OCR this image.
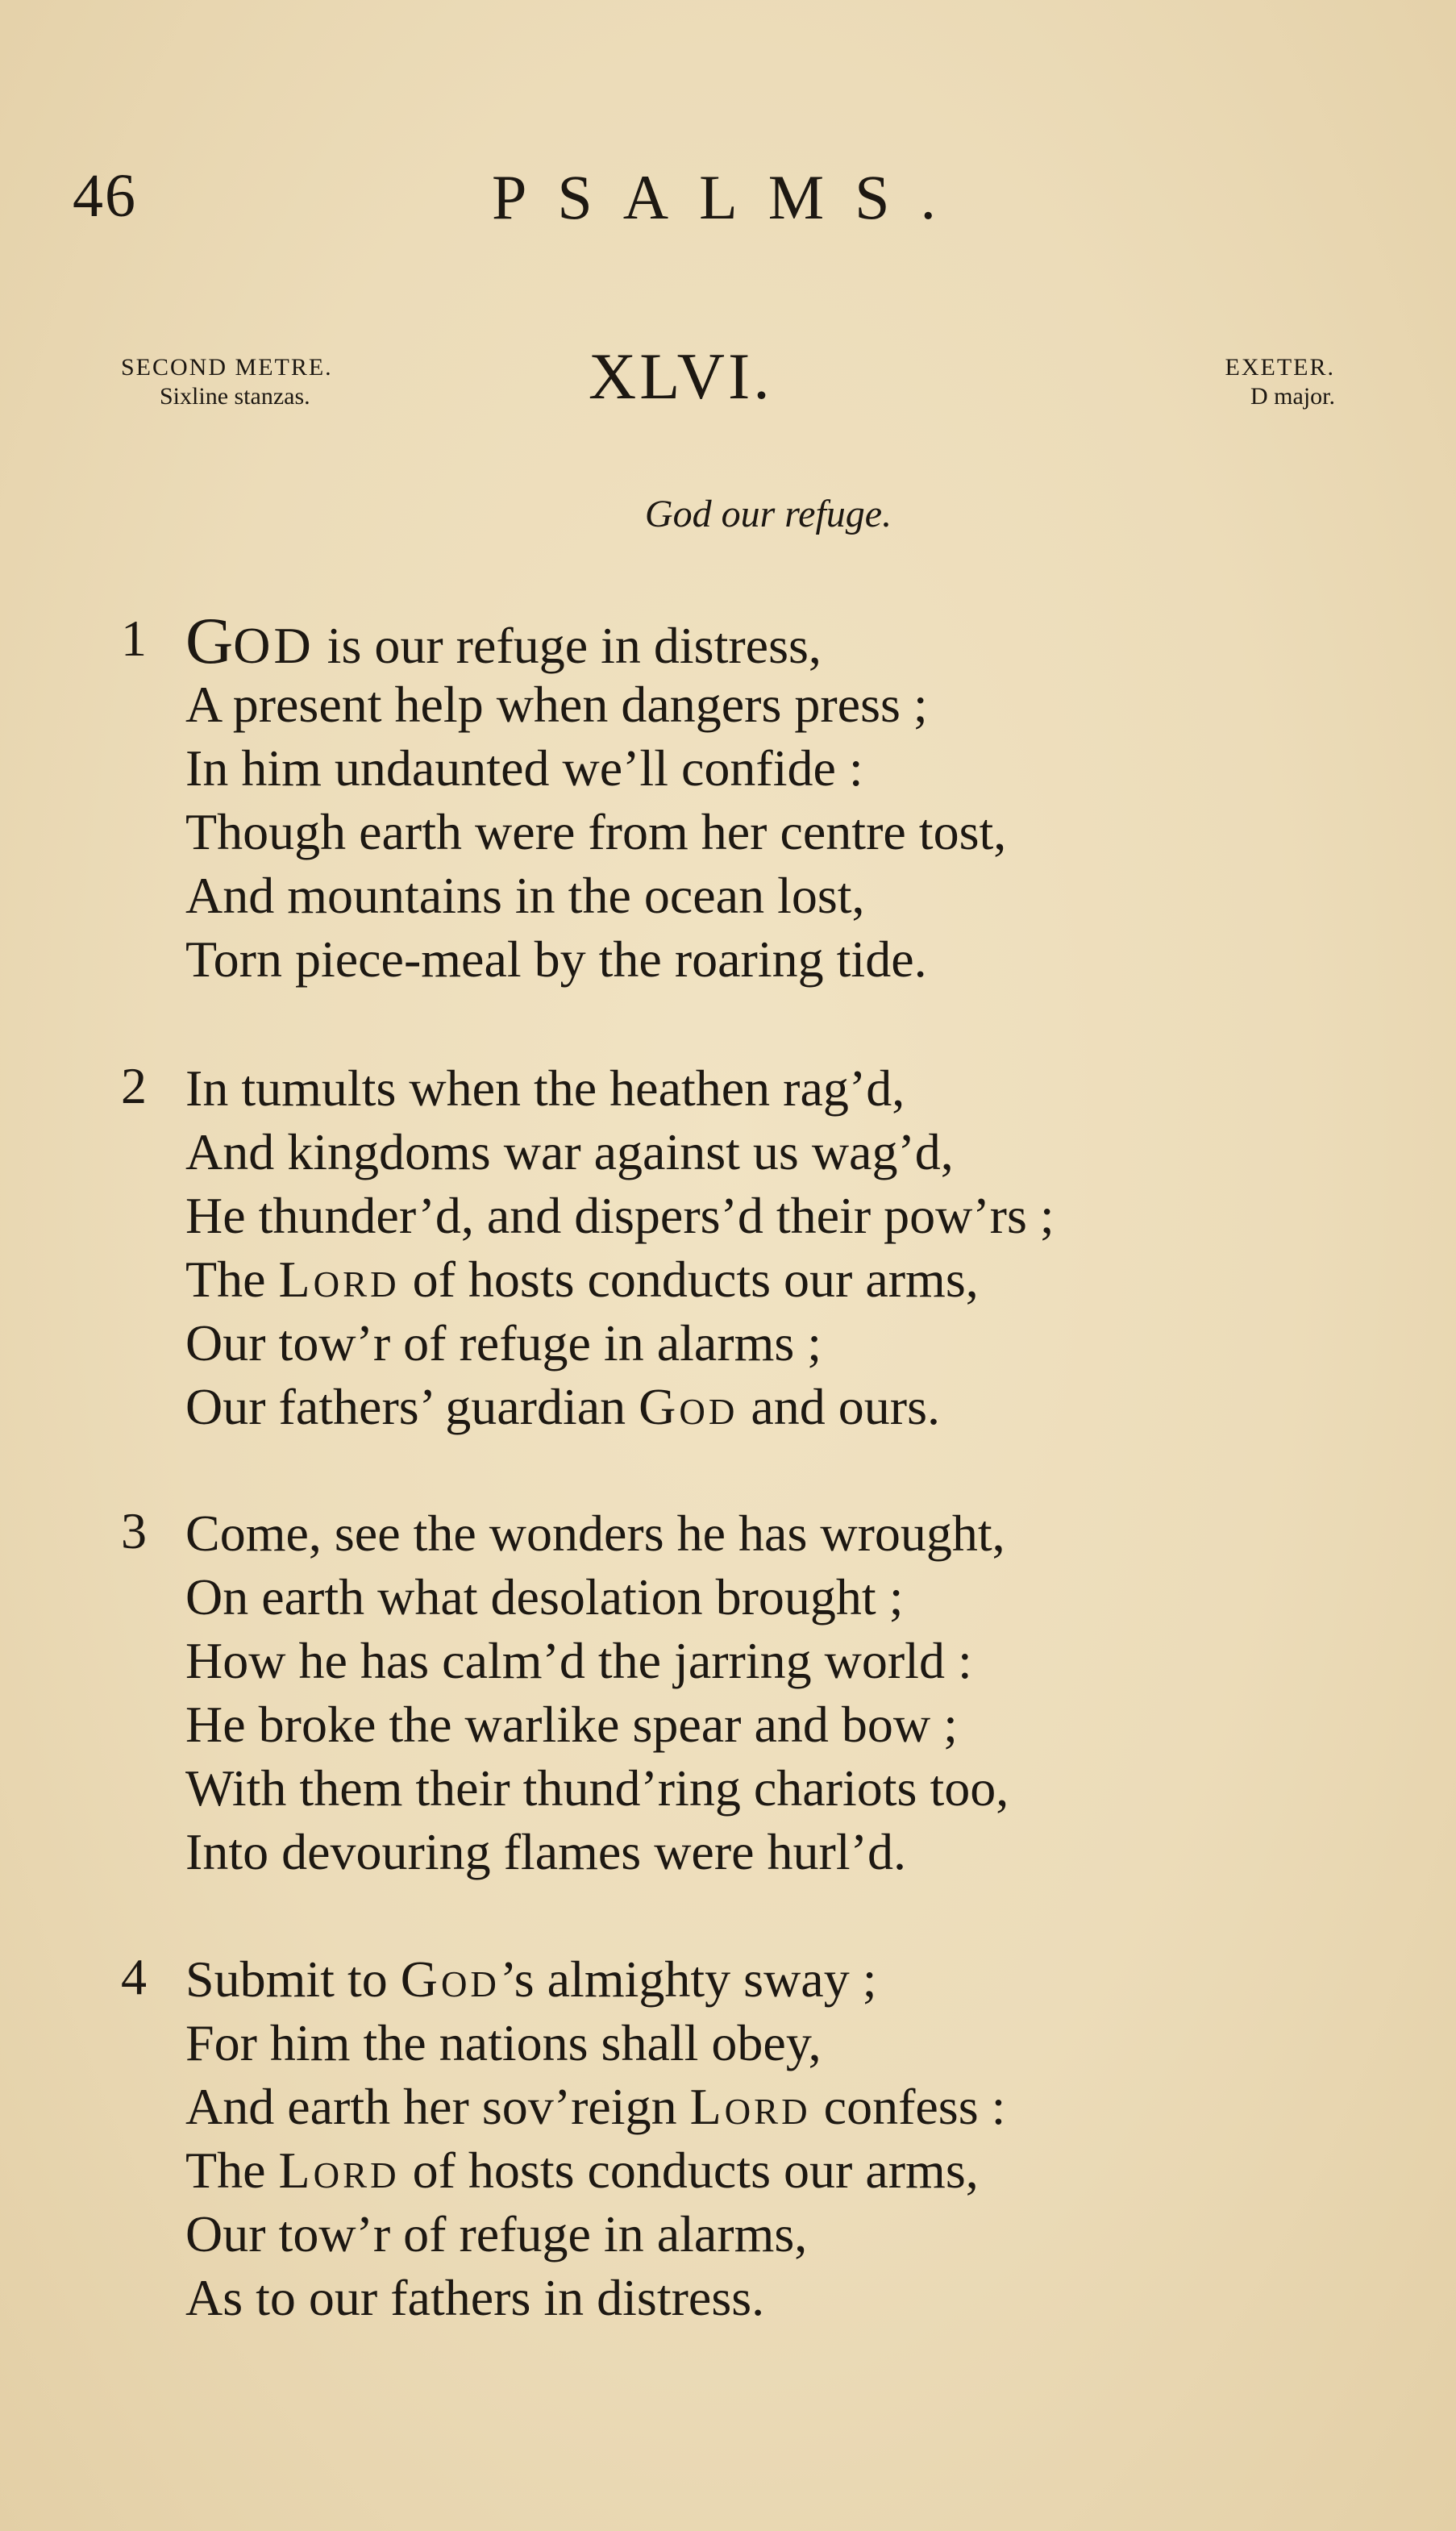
46	PSALMS.
SECOND METRE.
Sixline stanzas.	XLVI.	EXETER.
D major.
God our refuge.
1 GOD is our refuge in distress,
A present help when dangers press ;
In him undaunted we’ll confide :
Though earth were from her centre tost,
And mountains in the ocean lost,
Torn piece-meal by the roaring tide.
2 In tumults when the heathen rag’d,
And kingdoms war against us wag’d,
He thunder’d, and dispers’d their pow’rs ;
The Lord of hosts conducts our arms,
Our tow’r of refuge in alarms ;
Our fathers’ guardian God and ours.
3 Come, see the wonders he has wrought,
On earth what desolation brought ;
How he has calm’d the jarring world :
He broke the warlike spear and bow ;
With them their thund’ring chariots too,
Into devouring flames were hurl’d.
4 Submit to God’s almighty sway ;
For him the nations shall obey,
And earth her sov’reign Lord confess :
The Lord of hosts conducts our arms,
Our tow’r of refuge in alarms,
As to our fathers in distress.
